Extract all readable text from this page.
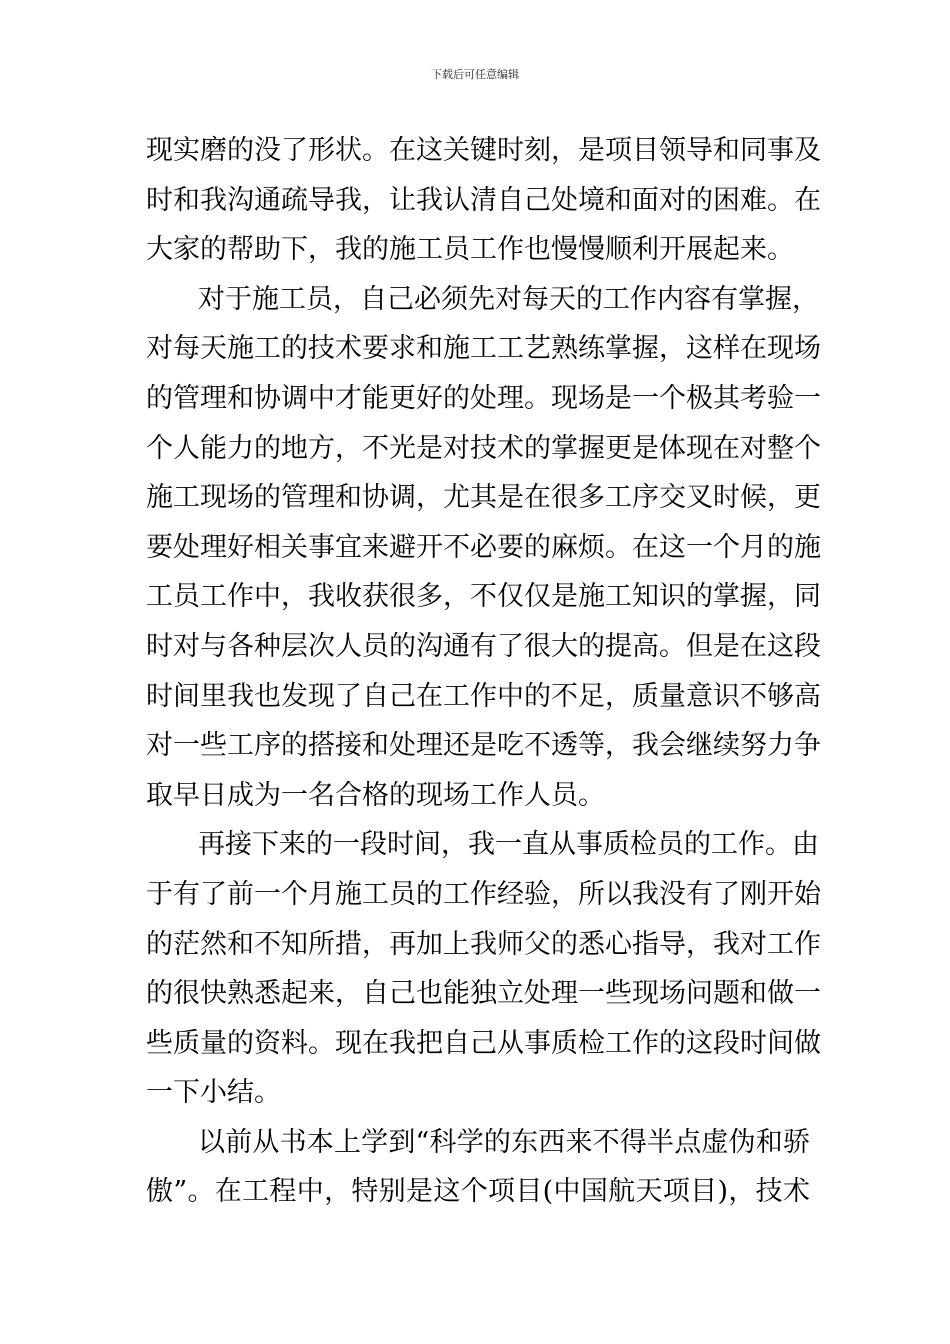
下载后可任意编辑
现实磨的没了形状。在这关键时刻，是项目领导和同事及
时和我沟通疏导我，让我认清自己处境和面对的困难。在
大家的帮助下，我的施工员工作也慢慢顺利开展起来。
对于施工员，自己必须先对每天的工作内容有掌握，
对每天施工的技术要求和施工工艺熟练掌握，这样在现场
的管理和协调中才能更好的处理。现场是一个极其考验一
个人能力的地方，不光是对技术的掌握更是体现在对整个
施工现场的管理和协调，尤其是在很多工序交叉时候，更
要处理好相关事宜来避开不必要的麻烦。在这一个月的施
工员工作中，我收获很多，不仅仅是施工知识的掌握，同
时对与各种层次人员的沟通有了很大的提高。但是在这段
时间里我也发现了自己在工作中的不足，质量意识不够高
对一些工序的搭接和处理还是吃不透等，我会继续努力争
取早日成为一名合格的现场工作人员。
再接下来的一段时间，我一直从事质检员的工作。由
于有了前一个月施工员的工作经验，所以我没有了刚开始
的茫然和不知所措，再加上我师父的悉心指导，我对工作
的很快熟悉起来，自己也能独立处理一些现场问题和做一
些质量的资料。现在我把自己从事质检工作的这段时间做
一下小结。
以前从书本上学到“科学的东西来不得半点虚伪和骄
傲”。在工程中，特别是这个项目(中国航天项目)，技术
